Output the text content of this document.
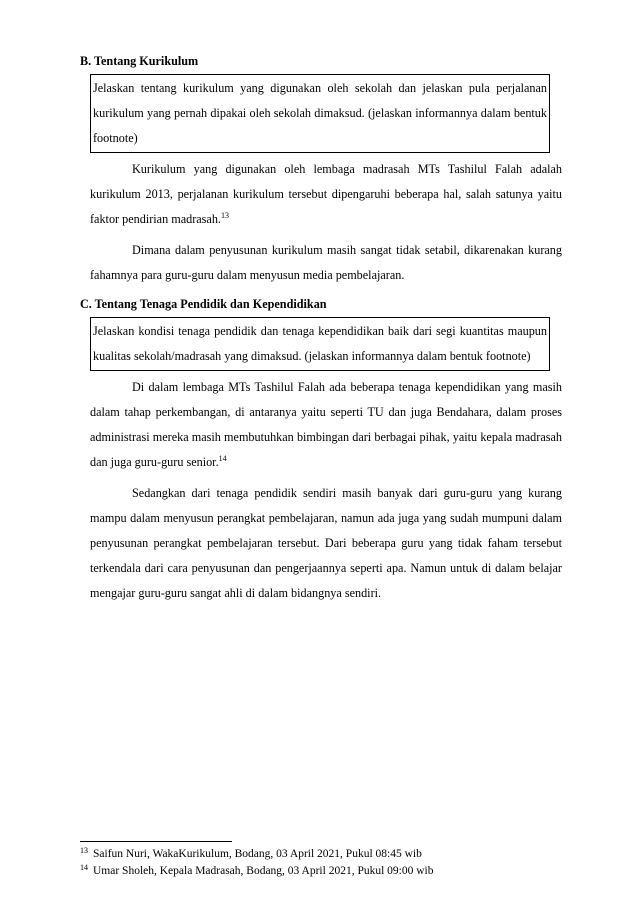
B. Tentang Kurikulum
Jelaskan tentang kurikulum yang digunakan oleh sekolah dan jelaskan pula perjalanan kurikulum yang pernah dipakai oleh sekolah dimaksud. (jelaskan informannya dalam bentuk footnote)

Kurikulum yang digunakan oleh lembaga madrasah MTs Tashilul Falah adalah kurikulum 2013, perjalanan kurikulum tersebut dipengaruhi beberapa hal, salah satunya yaitu faktor pendirian madrasah.$^{13}$

Dimana dalam penyusunan kurikulum masih sangat tidak setabil, dikarenakan kurang fahamnya para guru-guru dalam menyusun media pembelajaran.

C. Tentang Tenaga Pendidik dan Kependidikan
Jelaskan kondisi tenaga pendidik dan tenaga kependidikan baik dari segi kuantitas maupun kualitas sekolah/madrasah yang dimaksud. (jelaskan informannya dalam bentuk footnote)

Di dalam lembaga MTs Tashilul Falah ada beberapa tenaga kependidikan yang masih dalam tahap perkembangan, di antaranya yaitu seperti TU dan juga Bendahara, dalam proses administrasi mereka masih membutuhkan bimbingan dari berbagai pihak, yaitu kepala madrasah dan juga guru-guru senior.$^{14}$

Sedangkan dari tenaga pendidik sendiri masih banyak dari guru-guru yang kurang mampu dalam menyusun perangkat pembelajaran, namun ada juga yang sudah mumpuni dalam penyusunan perangkat pembelajaran tersebut. Dari beberapa guru yang tidak faham tersebut terkendala dari cara penyusunan dan pengerjaannya seperti apa. Namun untuk di dalam belajar mengajar guru-guru sangat ahli di dalam bidangnya sendiri.

$^{13}$ Saifun Nuri, WakaKurikulum, Bodang, 03 April 2021, Pukul 08:45 wib
$^{14}$ Umar Sholeh, Kepala Madrasah, Bodang, 03 April 2021, Pukul 09:00 wib
